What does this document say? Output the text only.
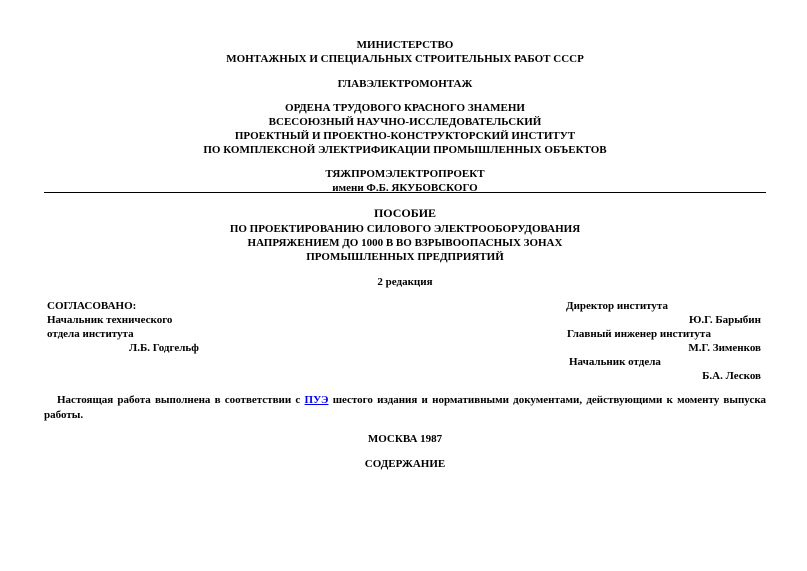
МИНИСТЕРСТВО
МОНТАЖНЫХ И СПЕЦИАЛЬНЫХ СТРОИТЕЛЬНЫХ РАБОТ СССР
ГЛАВЭЛЕКТРОМОНТАЖ
ОРДЕНА ТРУДОВОГО КРАСНОГО ЗНАМЕНИ
ВСЕСОЮЗНЫЙ НАУЧНО-ИССЛЕДОВАТЕЛЬСКИЙ
ПРОЕКТНЫЙ И ПРОЕКТНО-КОНСТРУКТОРСКИЙ ИНСТИТУТ
ПО КОМПЛЕКСНОЙ ЭЛЕКТРИФИКАЦИИ ПРОМЫШЛЕННЫХ ОБЪЕКТОВ
ТЯЖПРОМЭЛЕКТРОПРОЕКТ
имени Ф.Б. ЯКУБОВСКОГО
ПОСОБИЕ
ПО ПРОЕКТИРОВАНИЮ СИЛОВОГО ЭЛЕКТРООБОРУДОВАНИЯ
НАПРЯЖЕНИЕМ ДО 1000 В ВО ВЗРЫВООПАСНЫХ ЗОНАХ
ПРОМЫШЛЕННЫХ ПРЕДПРИЯТИЙ
2 редакция
СОГЛАСОВАНО:
Начальник технического
отдела института
Л.Б. Годгельф
Директор института
Ю.Г. Барыбин
Главный инженер института
М.Г. Зименков
Начальник отдела
Б.А. Лесков
Настоящая работа выполнена в соответствии с ПУЭ шестого издания и нормативными документами, действующими к моменту выпуска работы.
МОСКВА 1987
СОДЕРЖАНИЕ
